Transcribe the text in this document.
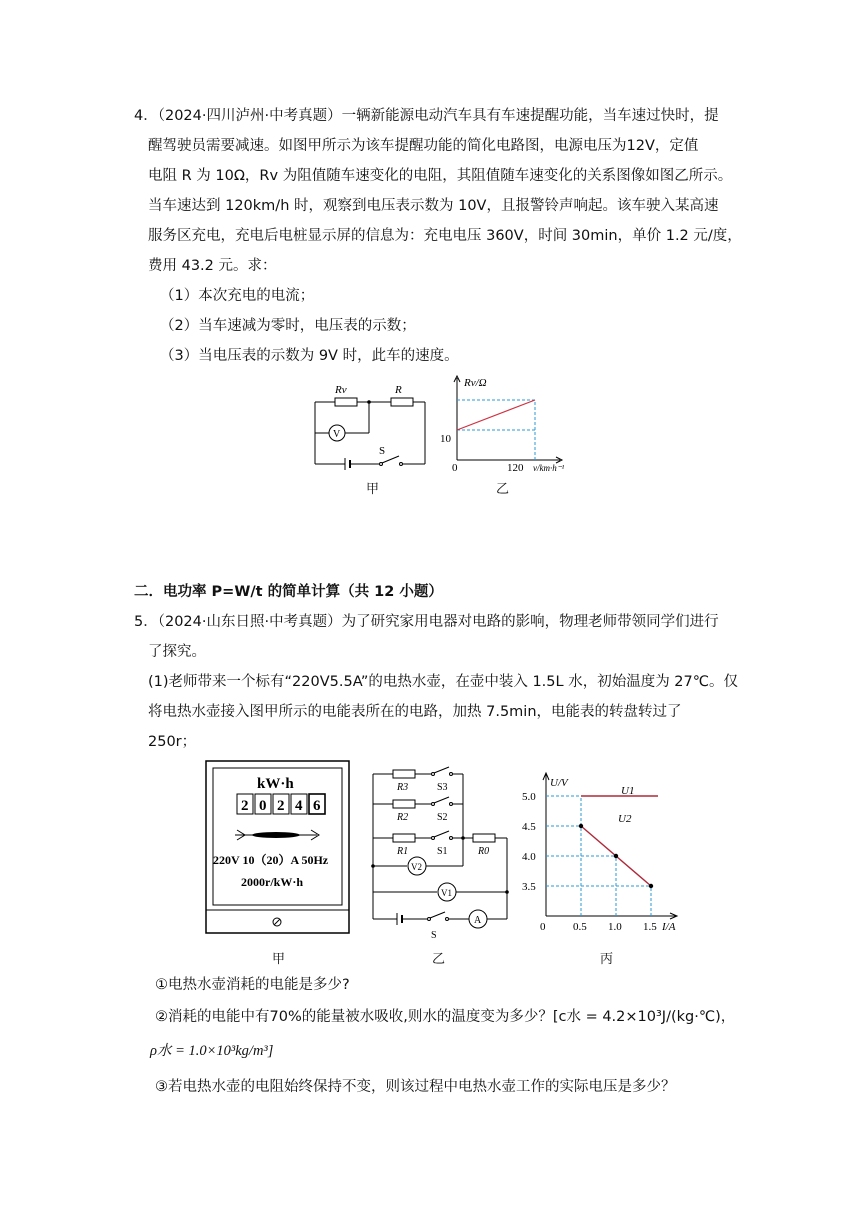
4．（2024·四川泸州·中考真题）一辆新能源电动汽车具有车速提醒功能，当车速过快时，提
醒驾驶员需要减速。如图甲所示为该车提醒功能的简化电路图，电源电压为12V，定值
电阻 R 为 10Ω，Rv 为阻值随车速变化的电阻，其阻值随车速变化的关系图像如图乙所示。
当车速达到 120km/h 时，观察到电压表示数为 10V，且报警铃声响起。该车驶入某高速
服务区充电，充电后电桩显示屏的信息为：充电电压 360V，时间 30min，单价 1.2 元/度，
费用 43.2 元。求：
（1）本次充电的电流；
（2）当车速减为零时，电压表的示数；
（3）当电压表的示数为 9V 时，此车的速度。
Rv	R
V
S
甲
Rv/Ω
10
0	120 v/km·h⁻¹
乙
二．电功率 P=W/t 的简单计算（共 12 小题）
5．（2024·山东日照·中考真题）为了研究家用电器对电路的影响，物理老师带领同学们进行
了探究。
(1)老师带来一个标有“220V5.5A”的电热水壶，在壶中装入 1.5L 水，初始温度为 27℃。仅
将电热水壶接入图甲所示的电能表所在的电路，加热 7.5min，电能表的转盘转过了
250r；
kW·h
2 0 2 4 6
220V 10（20）A 50Hz
2000r/kW·h
甲
R3	S3
R2	S2
R1	S1	R0
V2
V1
A
S
乙
U/V
I/A
U1
U2
5.0
4.5
4.0
3.5
0	0.5 1.0 1.5
丙
①电热水壶消耗的电能是多少?
②消耗的电能中有70%的能量被水吸收,则水的温度变为多少？[c水 = 4.2×10³J/(kg·℃)，
ρ水 = 1.0×10³kg/m³]
③若电热水壶的电阻始终保持不变，则该过程中电热水壶工作的实际电压是多少？
